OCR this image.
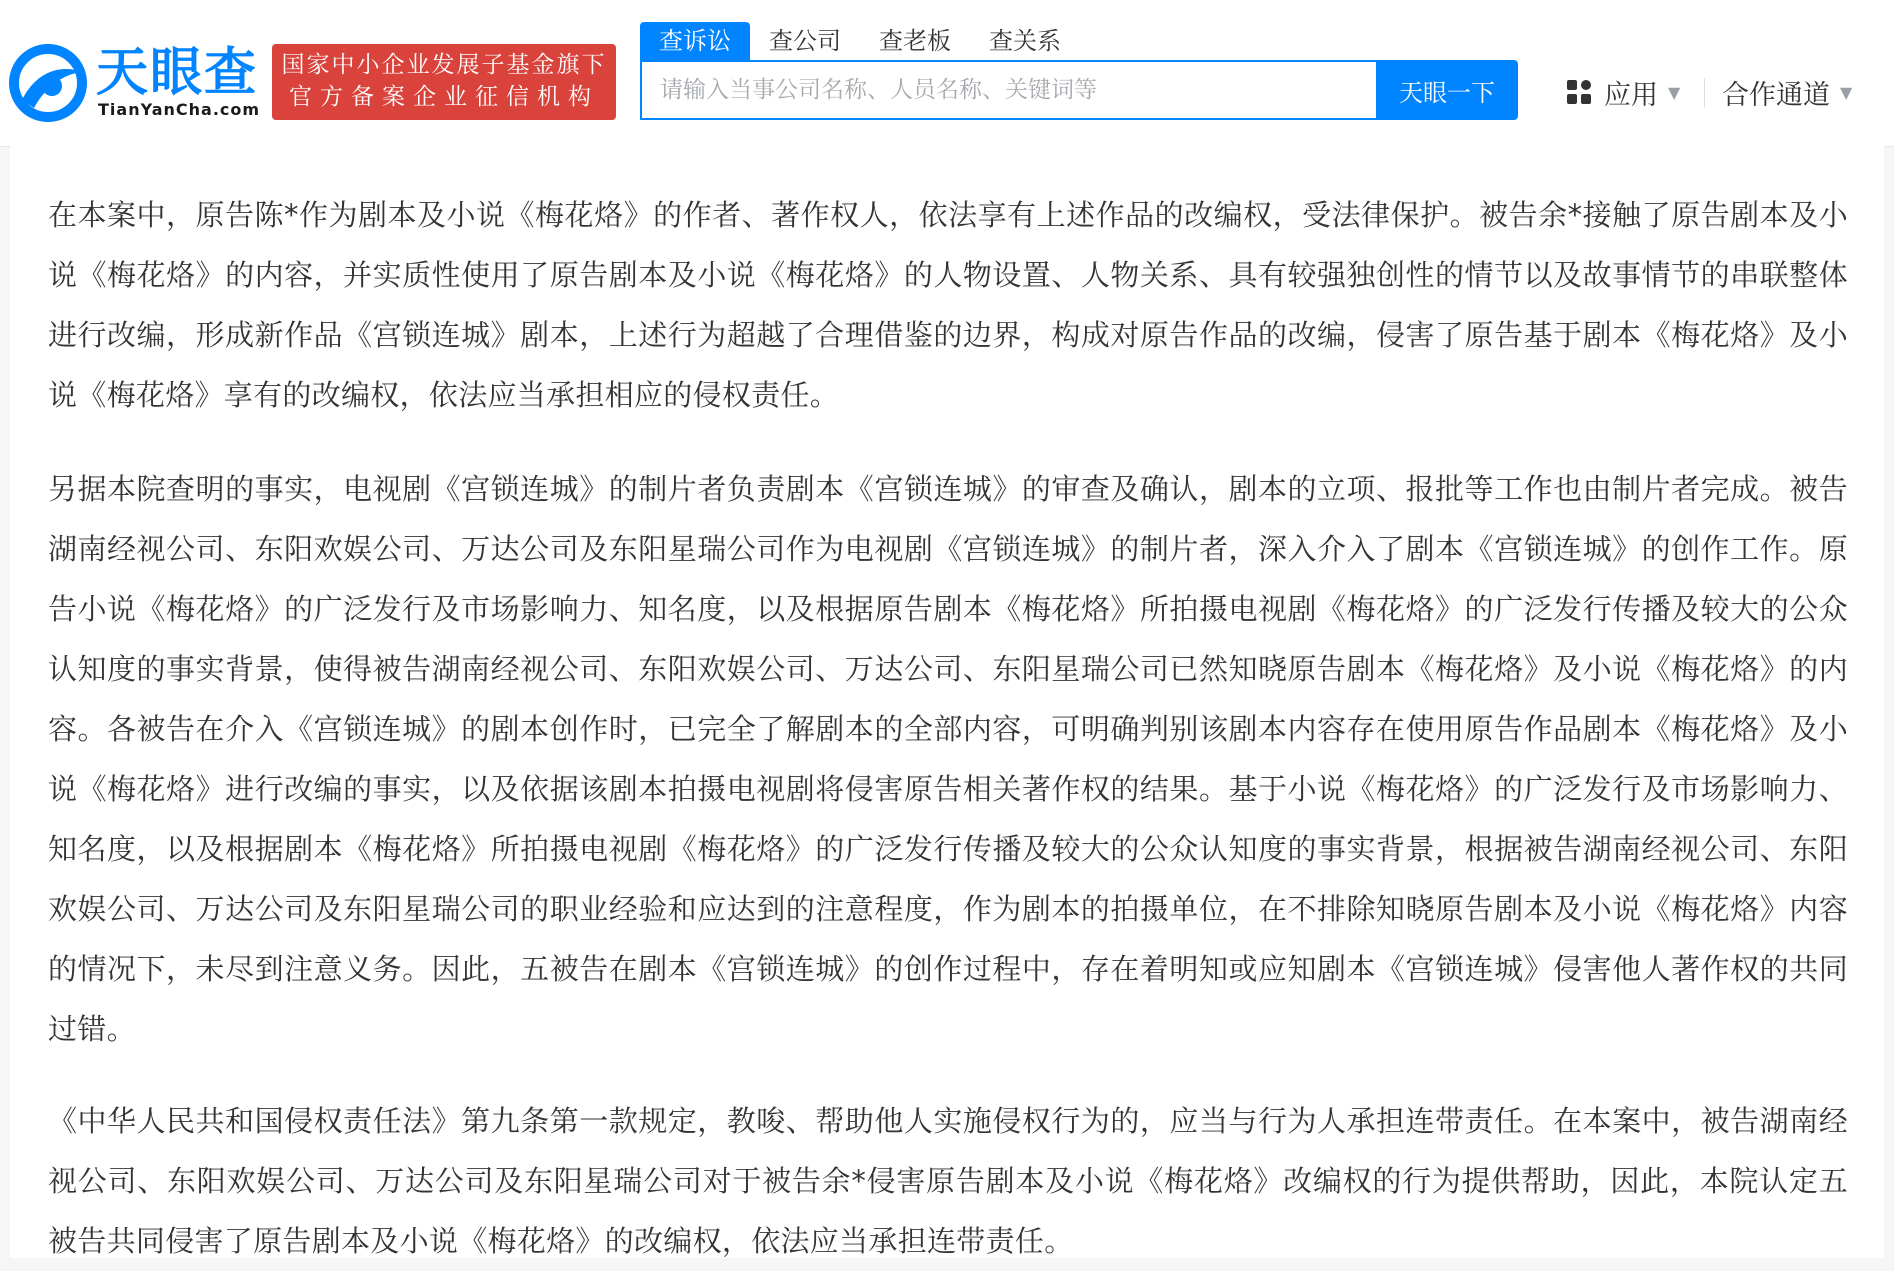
天眼查
TianYanCha.com
国家中小企业发展子基金旗下
官方备案企业征信机构
查诉讼	查公司	查老板	查关系
请输入当事公司名称、人员名称、关键词等
天眼一下	应用 ▼ 合作通道 ▼

在本案中，原告陈*作为剧本及小说《梅花烙》的作者、著作权人，依法享有上述作品的改编权，受法律保护。被告余*接触了原告剧本及小说《梅花烙》的内容，并实质性使用了原告剧本及小说《梅花烙》的人物设置、人物关系、具有较强独创性的情节以及故事情节的串联整体进行改编，形成新作品《宫锁连城》剧本，上述行为超越了合理借鉴的边界，构成对原告作品的改编，侵害了原告基于剧本《梅花烙》及小说《梅花烙》享有的改编权，依法应当承担相应的侵权责任。

另据本院查明的事实，电视剧《宫锁连城》的制片者负责剧本《宫锁连城》的审查及确认，剧本的立项、报批等工作也由制片者完成。被告湖南经视公司、东阳欢娱公司、万达公司及东阳星瑞公司作为电视剧《宫锁连城》的制片者，深入介入了剧本《宫锁连城》的创作工作。原告小说《梅花烙》的广泛发行及市场影响力、知名度，以及根据原告剧本《梅花烙》所拍摄电视剧《梅花烙》的广泛发行传播及较大的公众认知度的事实背景，使得被告湖南经视公司、东阳欢娱公司、万达公司、东阳星瑞公司已然知晓原告剧本《梅花烙》及小说《梅花烙》的内容。各被告在介入《宫锁连城》的剧本创作时，已完全了解剧本的全部内容，可明确判别该剧本内容存在使用原告作品剧本《梅花烙》及小说《梅花烙》进行改编的事实，以及依据该剧本拍摄电视剧将侵害原告相关著作权的结果。基于小说《梅花烙》的广泛发行及市场影响力、知名度，以及根据剧本《梅花烙》所拍摄电视剧《梅花烙》的广泛发行传播及较大的公众认知度的事实背景，根据被告湖南经视公司、东阳欢娱公司、万达公司及东阳星瑞公司的职业经验和应达到的注意程度，作为剧本的拍摄单位，在不排除知晓原告剧本及小说《梅花烙》内容的情况下，未尽到注意义务。因此，五被告在剧本《宫锁连城》的创作过程中，存在着明知或应知剧本《宫锁连城》侵害他人著作权的共同过错。

《中华人民共和国侵权责任法》第九条第一款规定，教唆、帮助他人实施侵权行为的，应当与行为人承担连带责任。在本案中，被告湖南经视公司、东阳欢娱公司、万达公司及东阳星瑞公司对于被告余*侵害原告剧本及小说《梅花烙》改编权的行为提供帮助，因此，本院认定五被告共同侵害了原告剧本及小说《梅花烙》的改编权，依法应当承担连带责任。
